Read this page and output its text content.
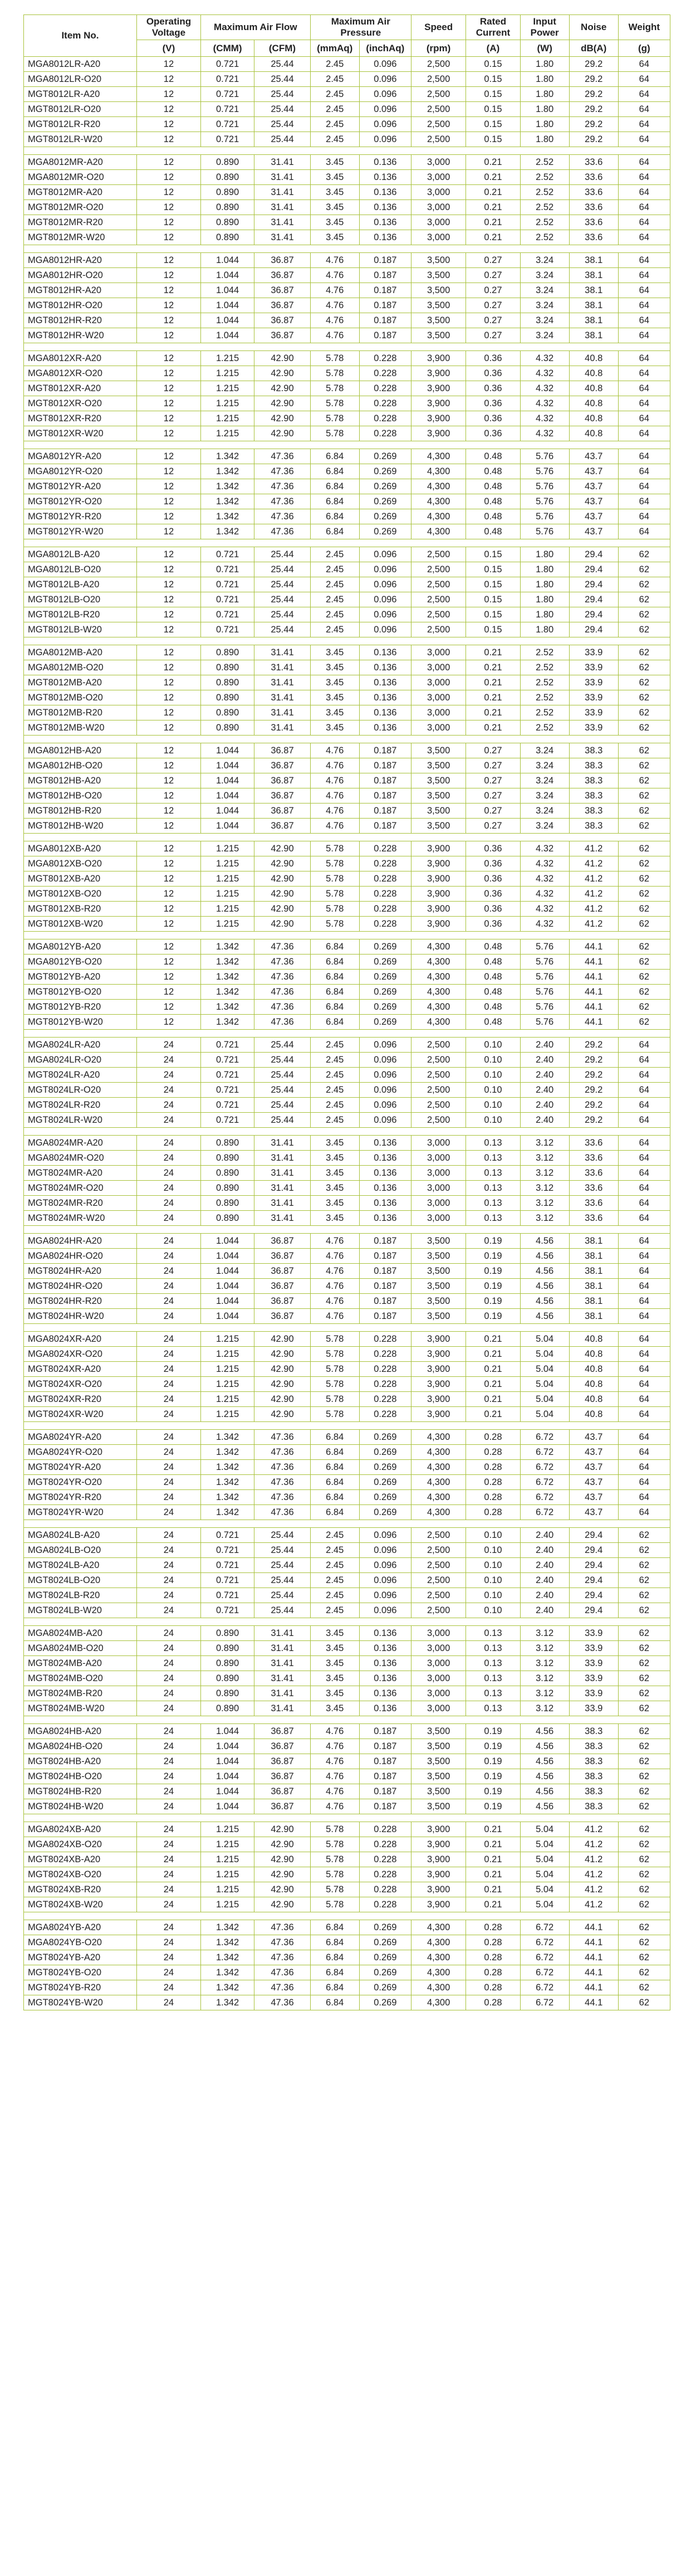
Item No.	Operating Voltage	Maximum Air Flow		Maximum Air Pressure		Speed	Rated Current	Input Power	Noise	Weight
	(V)	(CMM)	(CFM)	(mmAq)	(inchAq)	(rpm)	(A)	(W)	dB(A)	(g)
MGA8012LR-A20	12	0.721	25.44	2.45	0.096	2,500	0.15	1.80	29.2	64
MGA8012LR-O20	12	0.721	25.44	2.45	0.096	2,500	0.15	1.80	29.2	64
MGT8012LR-A20	12	0.721	25.44	2.45	0.096	2,500	0.15	1.80	29.2	64
MGT8012LR-O20	12	0.721	25.44	2.45	0.096	2,500	0.15	1.80	29.2	64
MGT8012LR-R20	12	0.721	25.44	2.45	0.096	2,500	0.15	1.80	29.2	64
MGT8012LR-W20	12	0.721	25.44	2.45	0.096	2,500	0.15	1.80	29.2	64

MGA8012MR-A20	12	0.890	31.41	3.45	0.136	3,000	0.21	2.52	33.6	64
MGA8012MR-O20	12	0.890	31.41	3.45	0.136	3,000	0.21	2.52	33.6	64
MGT8012MR-A20	12	0.890	31.41	3.45	0.136	3,000	0.21	2.52	33.6	64
MGT8012MR-O20	12	0.890	31.41	3.45	0.136	3,000	0.21	2.52	33.6	64
MGT8012MR-R20	12	0.890	31.41	3.45	0.136	3,000	0.21	2.52	33.6	64
MGT8012MR-W20	12	0.890	31.41	3.45	0.136	3,000	0.21	2.52	33.6	64

MGA8012HR-A20	12	1.044	36.87	4.76	0.187	3,500	0.27	3.24	38.1	64
MGA8012HR-O20	12	1.044	36.87	4.76	0.187	3,500	0.27	3.24	38.1	64
MGT8012HR-A20	12	1.044	36.87	4.76	0.187	3,500	0.27	3.24	38.1	64
MGT8012HR-O20	12	1.044	36.87	4.76	0.187	3,500	0.27	3.24	38.1	64
MGT8012HR-R20	12	1.044	36.87	4.76	0.187	3,500	0.27	3.24	38.1	64
MGT8012HR-W20	12	1.044	36.87	4.76	0.187	3,500	0.27	3.24	38.1	64

MGA8012XR-A20	12	1.215	42.90	5.78	0.228	3,900	0.36	4.32	40.8	64
MGA8012XR-O20	12	1.215	42.90	5.78	0.228	3,900	0.36	4.32	40.8	64
MGT8012XR-A20	12	1.215	42.90	5.78	0.228	3,900	0.36	4.32	40.8	64
MGT8012XR-O20	12	1.215	42.90	5.78	0.228	3,900	0.36	4.32	40.8	64
MGT8012XR-R20	12	1.215	42.90	5.78	0.228	3,900	0.36	4.32	40.8	64
MGT8012XR-W20	12	1.215	42.90	5.78	0.228	3,900	0.36	4.32	40.8	64

MGA8012YR-A20	12	1.342	47.36	6.84	0.269	4,300	0.48	5.76	43.7	64
MGA8012YR-O20	12	1.342	47.36	6.84	0.269	4,300	0.48	5.76	43.7	64
MGT8012YR-A20	12	1.342	47.36	6.84	0.269	4,300	0.48	5.76	43.7	64
MGT8012YR-O20	12	1.342	47.36	6.84	0.269	4,300	0.48	5.76	43.7	64
MGT8012YR-R20	12	1.342	47.36	6.84	0.269	4,300	0.48	5.76	43.7	64
MGT8012YR-W20	12	1.342	47.36	6.84	0.269	4,300	0.48	5.76	43.7	64

MGA8012LB-A20	12	0.721	25.44	2.45	0.096	2,500	0.15	1.80	29.4	62
MGA8012LB-O20	12	0.721	25.44	2.45	0.096	2,500	0.15	1.80	29.4	62
MGT8012LB-A20	12	0.721	25.44	2.45	0.096	2,500	0.15	1.80	29.4	62
MGT8012LB-O20	12	0.721	25.44	2.45	0.096	2,500	0.15	1.80	29.4	62
MGT8012LB-R20	12	0.721	25.44	2.45	0.096	2,500	0.15	1.80	29.4	62
MGT8012LB-W20	12	0.721	25.44	2.45	0.096	2,500	0.15	1.80	29.4	62

MGA8012MB-A20	12	0.890	31.41	3.45	0.136	3,000	0.21	2.52	33.9	62
MGA8012MB-O20	12	0.890	31.41	3.45	0.136	3,000	0.21	2.52	33.9	62
MGT8012MB-A20	12	0.890	31.41	3.45	0.136	3,000	0.21	2.52	33.9	62
MGT8012MB-O20	12	0.890	31.41	3.45	0.136	3,000	0.21	2.52	33.9	62
MGT8012MB-R20	12	0.890	31.41	3.45	0.136	3,000	0.21	2.52	33.9	62
MGT8012MB-W20	12	0.890	31.41	3.45	0.136	3,000	0.21	2.52	33.9	62

MGA8012HB-A20	12	1.044	36.87	4.76	0.187	3,500	0.27	3.24	38.3	62
MGA8012HB-O20	12	1.044	36.87	4.76	0.187	3,500	0.27	3.24	38.3	62
MGT8012HB-A20	12	1.044	36.87	4.76	0.187	3,500	0.27	3.24	38.3	62
MGT8012HB-O20	12	1.044	36.87	4.76	0.187	3,500	0.27	3.24	38.3	62
MGT8012HB-R20	12	1.044	36.87	4.76	0.187	3,500	0.27	3.24	38.3	62
MGT8012HB-W20	12	1.044	36.87	4.76	0.187	3,500	0.27	3.24	38.3	62

MGA8012XB-A20	12	1.215	42.90	5.78	0.228	3,900	0.36	4.32	41.2	62
MGA8012XB-O20	12	1.215	42.90	5.78	0.228	3,900	0.36	4.32	41.2	62
MGT8012XB-A20	12	1.215	42.90	5.78	0.228	3,900	0.36	4.32	41.2	62
MGT8012XB-O20	12	1.215	42.90	5.78	0.228	3,900	0.36	4.32	41.2	62
MGT8012XB-R20	12	1.215	42.90	5.78	0.228	3,900	0.36	4.32	41.2	62
MGT8012XB-W20	12	1.215	42.90	5.78	0.228	3,900	0.36	4.32	41.2	62

MGA8012YB-A20	12	1.342	47.36	6.84	0.269	4,300	0.48	5.76	44.1	62
MGA8012YB-O20	12	1.342	47.36	6.84	0.269	4,300	0.48	5.76	44.1	62
MGT8012YB-A20	12	1.342	47.36	6.84	0.269	4,300	0.48	5.76	44.1	62
MGT8012YB-O20	12	1.342	47.36	6.84	0.269	4,300	0.48	5.76	44.1	62
MGT8012YB-R20	12	1.342	47.36	6.84	0.269	4,300	0.48	5.76	44.1	62
MGT8012YB-W20	12	1.342	47.36	6.84	0.269	4,300	0.48	5.76	44.1	62

MGA8024LR-A20	24	0.721	25.44	2.45	0.096	2,500	0.10	2.40	29.2	64
MGA8024LR-O20	24	0.721	25.44	2.45	0.096	2,500	0.10	2.40	29.2	64
MGT8024LR-A20	24	0.721	25.44	2.45	0.096	2,500	0.10	2.40	29.2	64
MGT8024LR-O20	24	0.721	25.44	2.45	0.096	2,500	0.10	2.40	29.2	64
MGT8024LR-R20	24	0.721	25.44	2.45	0.096	2,500	0.10	2.40	29.2	64
MGT8024LR-W20	24	0.721	25.44	2.45	0.096	2,500	0.10	2.40	29.2	64

MGA8024MR-A20	24	0.890	31.41	3.45	0.136	3,000	0.13	3.12	33.6	64
MGA8024MR-O20	24	0.890	31.41	3.45	0.136	3,000	0.13	3.12	33.6	64
MGT8024MR-A20	24	0.890	31.41	3.45	0.136	3,000	0.13	3.12	33.6	64
MGT8024MR-O20	24	0.890	31.41	3.45	0.136	3,000	0.13	3.12	33.6	64
MGT8024MR-R20	24	0.890	31.41	3.45	0.136	3,000	0.13	3.12	33.6	64
MGT8024MR-W20	24	0.890	31.41	3.45	0.136	3,000	0.13	3.12	33.6	64

MGA8024HR-A20	24	1.044	36.87	4.76	0.187	3,500	0.19	4.56	38.1	64
MGA8024HR-O20	24	1.044	36.87	4.76	0.187	3,500	0.19	4.56	38.1	64
MGT8024HR-A20	24	1.044	36.87	4.76	0.187	3,500	0.19	4.56	38.1	64
MGT8024HR-O20	24	1.044	36.87	4.76	0.187	3,500	0.19	4.56	38.1	64
MGT8024HR-R20	24	1.044	36.87	4.76	0.187	3,500	0.19	4.56	38.1	64
MGT8024HR-W20	24	1.044	36.87	4.76	0.187	3,500	0.19	4.56	38.1	64

MGA8024XR-A20	24	1.215	42.90	5.78	0.228	3,900	0.21	5.04	40.8	64
MGA8024XR-O20	24	1.215	42.90	5.78	0.228	3,900	0.21	5.04	40.8	64
MGT8024XR-A20	24	1.215	42.90	5.78	0.228	3,900	0.21	5.04	40.8	64
MGT8024XR-O20	24	1.215	42.90	5.78	0.228	3,900	0.21	5.04	40.8	64
MGT8024XR-R20	24	1.215	42.90	5.78	0.228	3,900	0.21	5.04	40.8	64
MGT8024XR-W20	24	1.215	42.90	5.78	0.228	3,900	0.21	5.04	40.8	64

MGA8024YR-A20	24	1.342	47.36	6.84	0.269	4,300	0.28	6.72	43.7	64
MGA8024YR-O20	24	1.342	47.36	6.84	0.269	4,300	0.28	6.72	43.7	64
MGT8024YR-A20	24	1.342	47.36	6.84	0.269	4,300	0.28	6.72	43.7	64
MGT8024YR-O20	24	1.342	47.36	6.84	0.269	4,300	0.28	6.72	43.7	64
MGT8024YR-R20	24	1.342	47.36	6.84	0.269	4,300	0.28	6.72	43.7	64
MGT8024YR-W20	24	1.342	47.36	6.84	0.269	4,300	0.28	6.72	43.7	64

MGA8024LB-A20	24	0.721	25.44	2.45	0.096	2,500	0.10	2.40	29.4	62
MGA8024LB-O20	24	0.721	25.44	2.45	0.096	2,500	0.10	2.40	29.4	62
MGT8024LB-A20	24	0.721	25.44	2.45	0.096	2,500	0.10	2.40	29.4	62
MGT8024LB-O20	24	0.721	25.44	2.45	0.096	2,500	0.10	2.40	29.4	62
MGT8024LB-R20	24	0.721	25.44	2.45	0.096	2,500	0.10	2.40	29.4	62
MGT8024LB-W20	24	0.721	25.44	2.45	0.096	2,500	0.10	2.40	29.4	62

MGA8024MB-A20	24	0.890	31.41	3.45	0.136	3,000	0.13	3.12	33.9	62
MGA8024MB-O20	24	0.890	31.41	3.45	0.136	3,000	0.13	3.12	33.9	62
MGT8024MB-A20	24	0.890	31.41	3.45	0.136	3,000	0.13	3.12	33.9	62
MGT8024MB-O20	24	0.890	31.41	3.45	0.136	3,000	0.13	3.12	33.9	62
MGT8024MB-R20	24	0.890	31.41	3.45	0.136	3,000	0.13	3.12	33.9	62
MGT8024MB-W20	24	0.890	31.41	3.45	0.136	3,000	0.13	3.12	33.9	62

MGA8024HB-A20	24	1.044	36.87	4.76	0.187	3,500	0.19	4.56	38.3	62
MGA8024HB-O20	24	1.044	36.87	4.76	0.187	3,500	0.19	4.56	38.3	62
MGT8024HB-A20	24	1.044	36.87	4.76	0.187	3,500	0.19	4.56	38.3	62
MGT8024HB-O20	24	1.044	36.87	4.76	0.187	3,500	0.19	4.56	38.3	62
MGT8024HB-R20	24	1.044	36.87	4.76	0.187	3,500	0.19	4.56	38.3	62
MGT8024HB-W20	24	1.044	36.87	4.76	0.187	3,500	0.19	4.56	38.3	62

MGA8024XB-A20	24	1.215	42.90	5.78	0.228	3,900	0.21	5.04	41.2	62
MGA8024XB-O20	24	1.215	42.90	5.78	0.228	3,900	0.21	5.04	41.2	62
MGT8024XB-A20	24	1.215	42.90	5.78	0.228	3,900	0.21	5.04	41.2	62
MGT8024XB-O20	24	1.215	42.90	5.78	0.228	3,900	0.21	5.04	41.2	62
MGT8024XB-R20	24	1.215	42.90	5.78	0.228	3,900	0.21	5.04	41.2	62
MGT8024XB-W20	24	1.215	42.90	5.78	0.228	3,900	0.21	5.04	41.2	62

MGA8024YB-A20	24	1.342	47.36	6.84	0.269	4,300	0.28	6.72	44.1	62
MGA8024YB-O20	24	1.342	47.36	6.84	0.269	4,300	0.28	6.72	44.1	62
MGT8024YB-A20	24	1.342	47.36	6.84	0.269	4,300	0.28	6.72	44.1	62
MGT8024YB-O20	24	1.342	47.36	6.84	0.269	4,300	0.28	6.72	44.1	62
MGT8024YB-R20	24	1.342	47.36	6.84	0.269	4,300	0.28	6.72	44.1	62
MGT8024YB-W20	24	1.342	47.36	6.84	0.269	4,300	0.28	6.72	44.1	62
